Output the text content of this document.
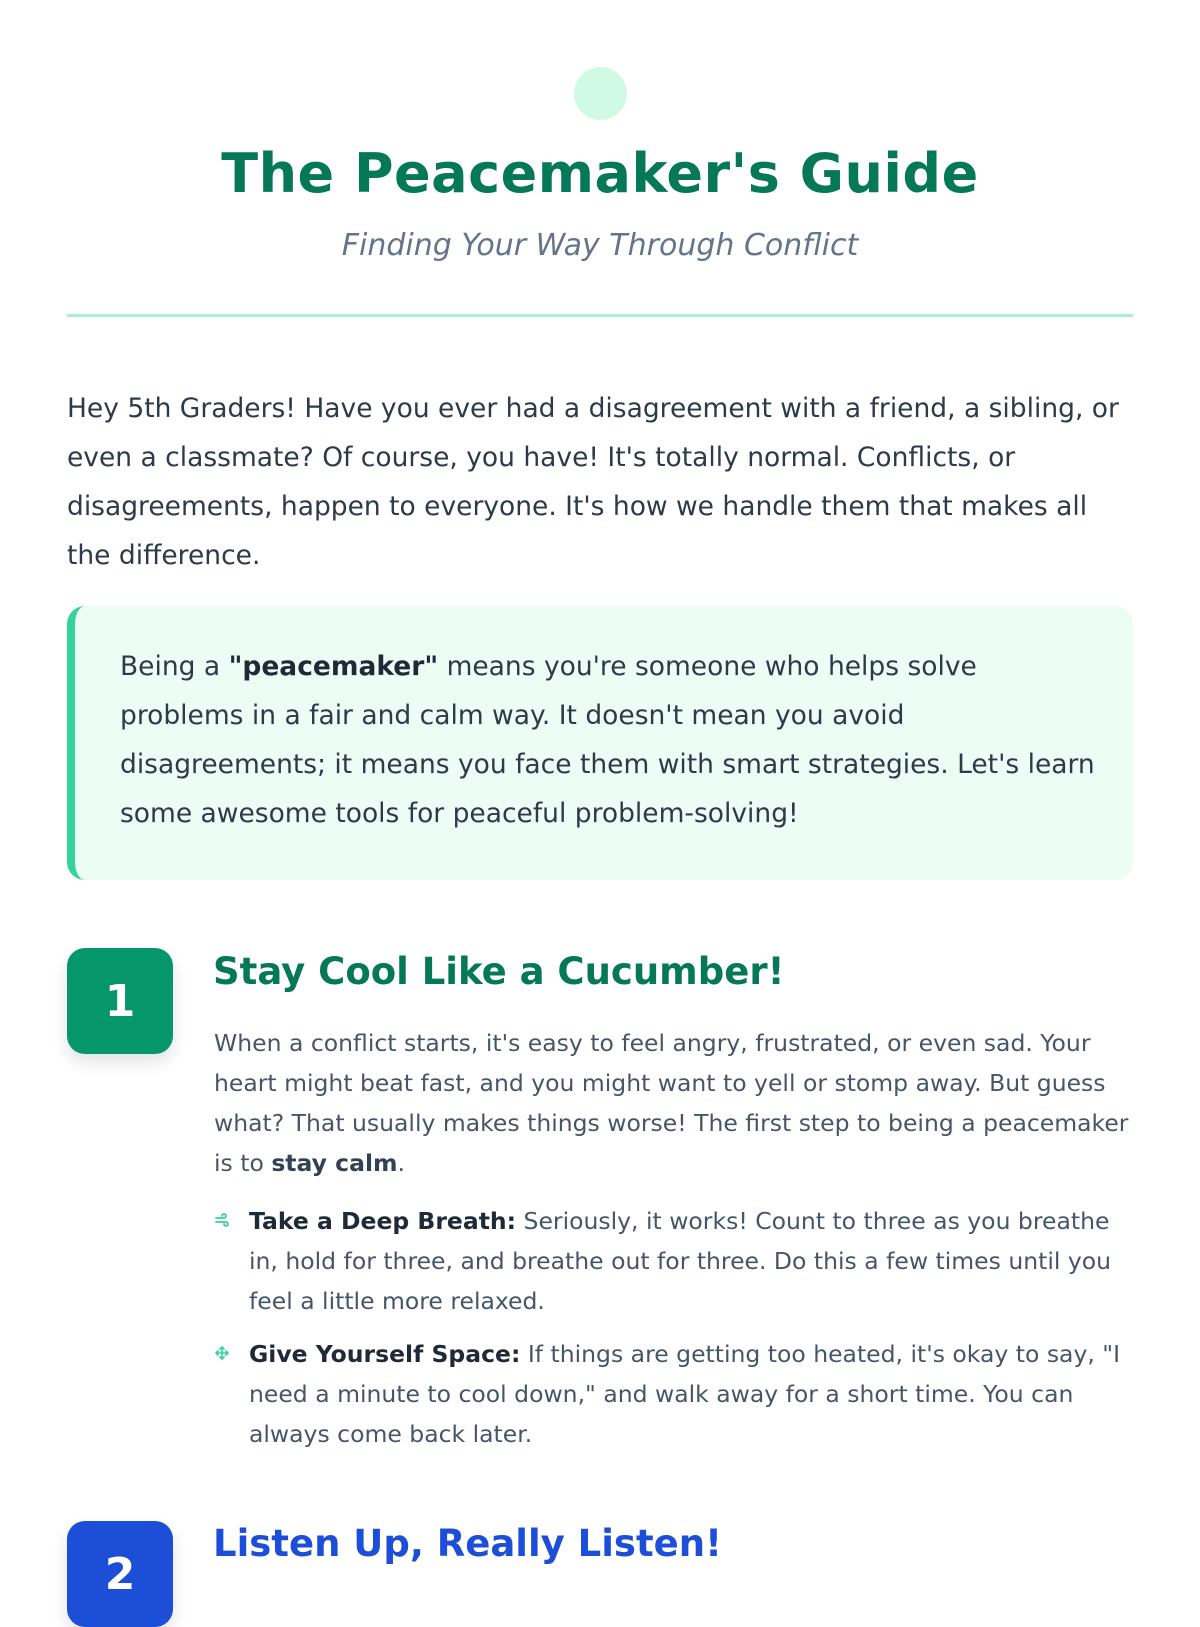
The Peacemaker's Guide

Finding Your Way Through Conflict

Hey 5th Graders! Have you ever had a disagreement with a friend, a sibling, or even a classmate? Of course, you have! It's totally normal. Conflicts, or disagreements, happen to everyone. It's how we handle them that makes all the difference.

Being a "peacemaker" means you're someone who helps solve problems in a fair and calm way. It doesn't mean you avoid disagreements; it means you face them with smart strategies. Let's learn some awesome tools for peaceful problem-solving!

1
Stay Cool Like a Cucumber!

When a conflict starts, it's easy to feel angry, frustrated, or even sad. Your heart might beat fast, and you might want to yell or stomp away. But guess what? That usually makes things worse! The first step to being a peacemaker is to stay calm.

Take a Deep Breath: Seriously, it works! Count to three as you breathe in, hold for three, and breathe out for three. Do this a few times until you feel a little more relaxed.
Give Yourself Space: If things are getting too heated, it's okay to say, "I need a minute to cool down," and walk away for a short time. You can always come back later.
2
Listen Up, Really Listen!
